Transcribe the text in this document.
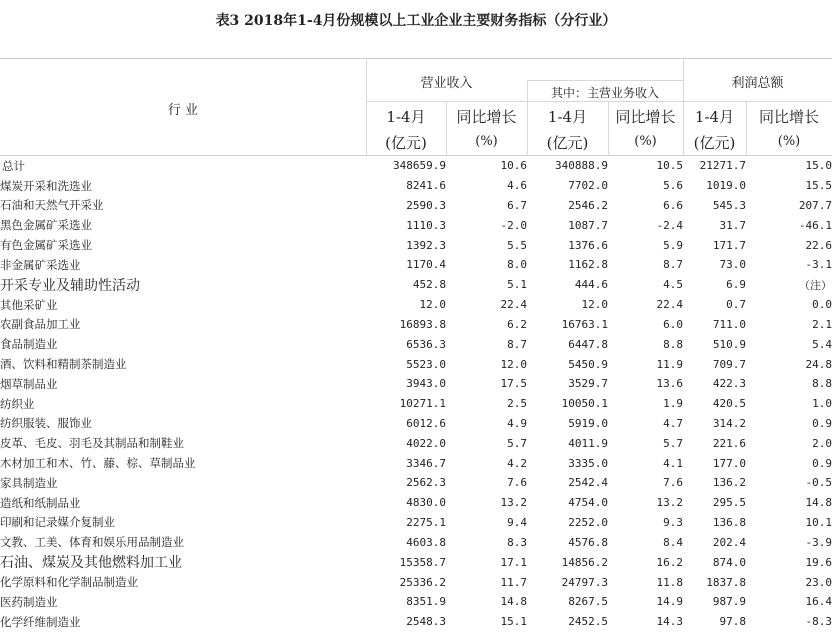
表3 2018年1-4月份规模以上工业企业主要财务指标（分行业）
行 业
营业收入
其中：主营业务收入
利润总额
1-4月
(亿元)
同比增长
(%)
1-4月
(亿元)
同比增长
(%)
1-4月
(亿元)
同比增长
(%)
总计	348659.9	10.6	340888.9	10.5	21271.7	15.0
煤炭开采和洗选业	8241.6	4.6	7702.0	5.6	1019.0	15.5
石油和天然气开采业	2590.3	6.7	2546.2	6.6	545.3	207.7
黑色金属矿采选业	1110.3	-2.0	1087.7	-2.4	31.7	-46.1
有色金属矿采选业	1392.3	5.5	1376.6	5.9	171.7	22.6
非金属矿采选业	1170.4	8.0	1162.8	8.7	73.0	-3.1
开采专业及辅助性活动	452.8	5.1	444.6	4.5	6.9	（注）
其他采矿业	12.0	22.4	12.0	22.4	0.7	0.0
农副食品加工业	16893.8	6.2	16763.1	6.0	711.0	2.1
食品制造业	6536.3	8.7	6447.8	8.8	510.9	5.4
酒、饮料和精制茶制造业	5523.0	12.0	5450.9	11.9	709.7	24.8
烟草制品业	3943.0	17.5	3529.7	13.6	422.3	8.8
纺织业	10271.1	2.5	10050.1	1.9	420.5	1.0
纺织服装、服饰业	6012.6	4.9	5919.0	4.7	314.2	0.9
皮革、毛皮、羽毛及其制品和制鞋业	4022.0	5.7	4011.9	5.7	221.6	2.0
木材加工和木、竹、藤、棕、草制品业	3346.7	4.2	3335.0	4.1	177.0	0.9
家具制造业	2562.3	7.6	2542.4	7.6	136.2	-0.5
造纸和纸制品业	4830.0	13.2	4754.0	13.2	295.5	14.8
印刷和记录媒介复制业	2275.1	9.4	2252.0	9.3	136.8	10.1
文教、工美、体育和娱乐用品制造业	4603.8	8.3	4576.8	8.4	202.4	-3.9
石油、煤炭及其他燃料加工业	15358.7	17.1	14856.2	16.2	874.0	19.6
化学原料和化学制品制造业	25336.2	11.7	24797.3	11.8	1837.8	23.0
医药制造业	8351.9	14.8	8267.5	14.9	987.9	16.4
化学纤维制造业	2548.3	15.1	2452.5	14.3	97.8	-8.3
